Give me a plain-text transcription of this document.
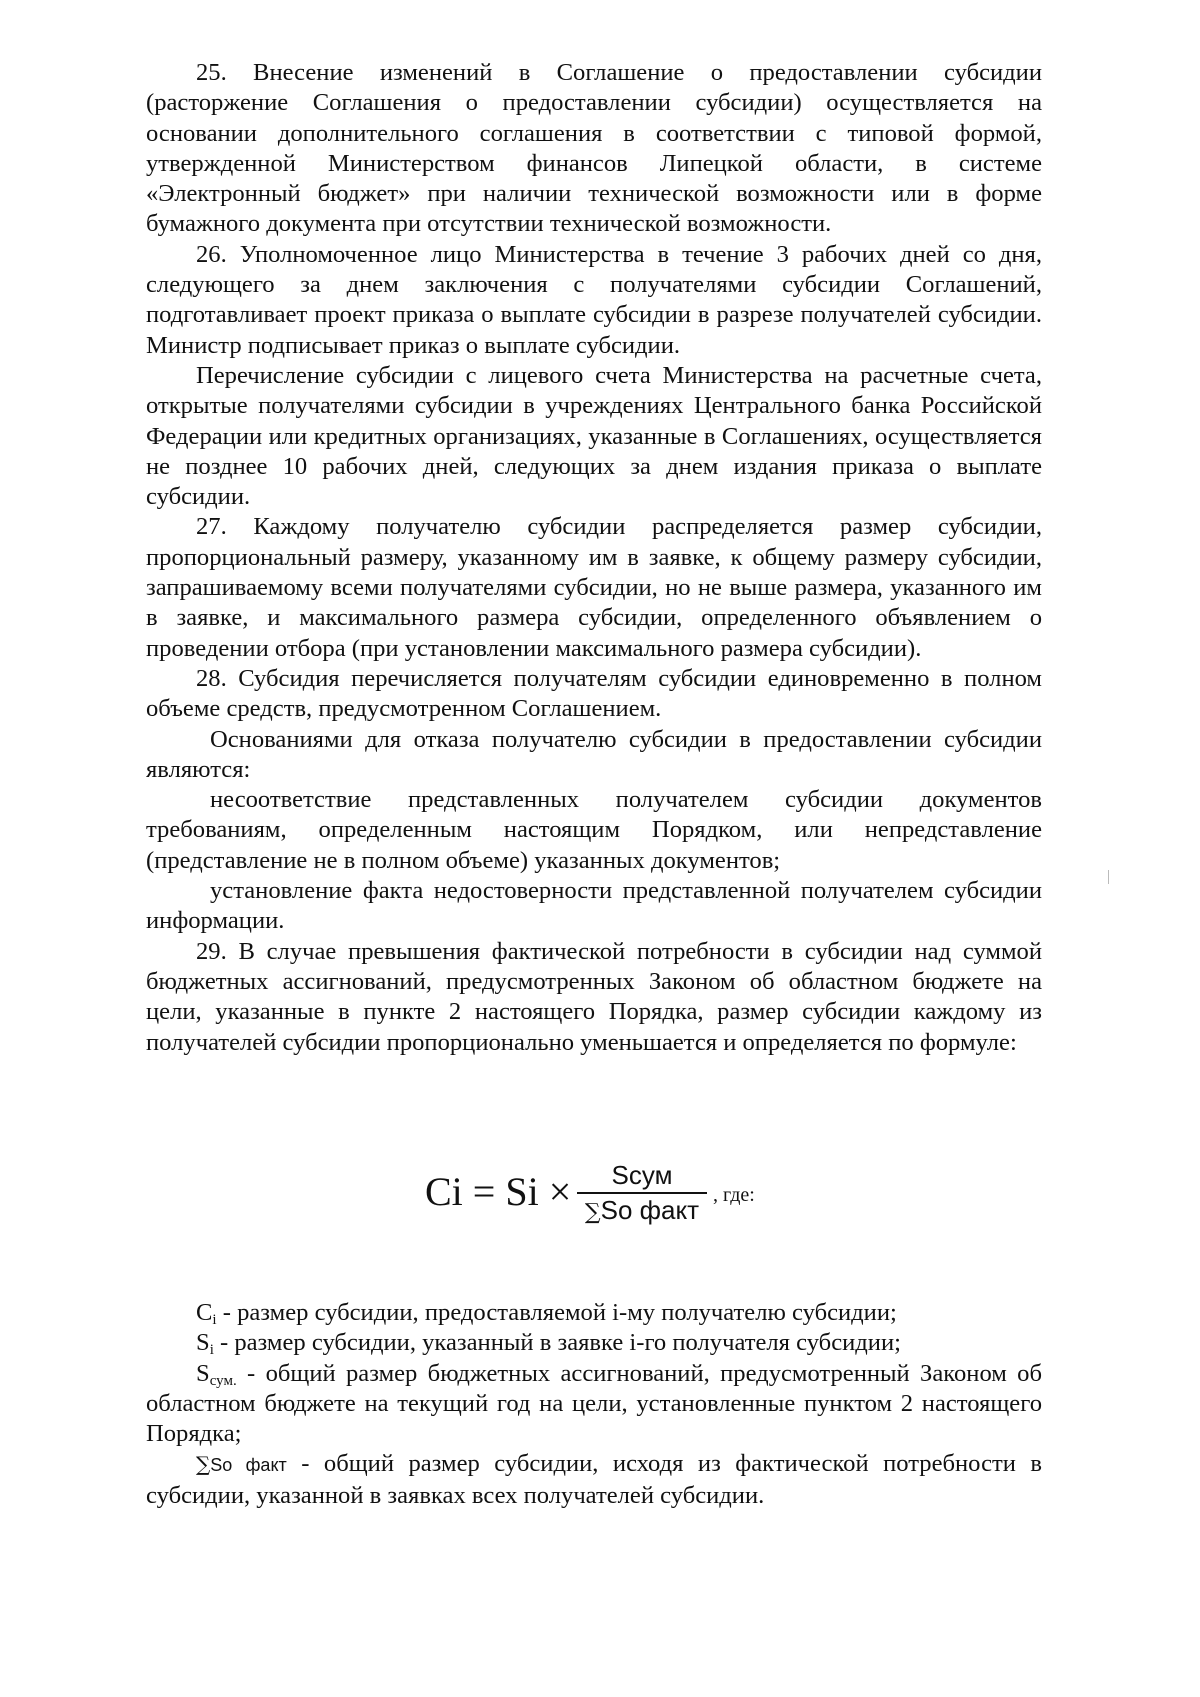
25. Внесение изменений в Соглашение о предоставлении субсидии (расторжение Соглашения о предоставлении субсидии) осуществляется на основании дополнительного соглашения в соответствии с типовой формой, утвержденной Министерством финансов Липецкой области, в системе «Электронный бюджет» при наличии технической возможности или в форме бумажного документа при отсутствии технической возможности.

26. Уполномоченное лицо Министерства в течение 3 рабочих дней со дня, следующего за днем заключения с получателями субсидии Соглашений, подготавливает проект приказа о выплате субсидии в разрезе получателей субсидии. Министр подписывает приказ о выплате субсидии.

Перечисление субсидии с лицевого счета Министерства на расчетные счета, открытые получателями субсидии в учреждениях Центрального банка Российской Федерации или кредитных организациях, указанные в Соглашениях, осуществляется не позднее 10 рабочих дней, следующих за днем издания приказа о выплате субсидии.

27. Каждому получателю субсидии распределяется размер субсидии, пропорциональный размеру, указанному им в заявке, к общему размеру субсидии, запрашиваемому всеми получателями субсидии, но не выше размера, указанного им в заявке, и максимального размера субсидии, определенного объявлением о проведении отбора (при установлении максимального размера субсидии).

28. Субсидия перечисляется получателям субсидии единовременно в полном объеме средств, предусмотренном Соглашением.

Основаниями для отказа получателю субсидии в предоставлении субсидии являются:

несоответствие представленных получателем субсидии документов требованиям, определенным настоящим Порядком, или непредставление (представление не в полном объеме) указанных документов;

установление факта недостоверности представленной получателем субсидии информации.

29. В случае превышения фактической потребности в субсидии над суммой бюджетных ассигнований, предусмотренных Законом об областном бюджете на цели, указанные в пункте 2 настоящего Порядка, размер субсидии каждому из получателей субсидии пропорционально уменьшается и определяется по формуле:

Ci = Si ×	Sсум
∑So факт , где:

$C_i$ - размер субсидии, предоставляемой i-му получателю субсидии;

$S_i$ - размер субсидии, указанный в заявке i-го получателя субсидии;

$S_{сум.}$ - общий размер бюджетных ассигнований, предусмотренный Законом об областном бюджете на текущий год на цели, установленные пунктом 2 настоящего Порядка;

∑So факт - общий размер субсидии, исходя из фактической потребности в субсидии, указанной в заявках всех получателей субсидии.
